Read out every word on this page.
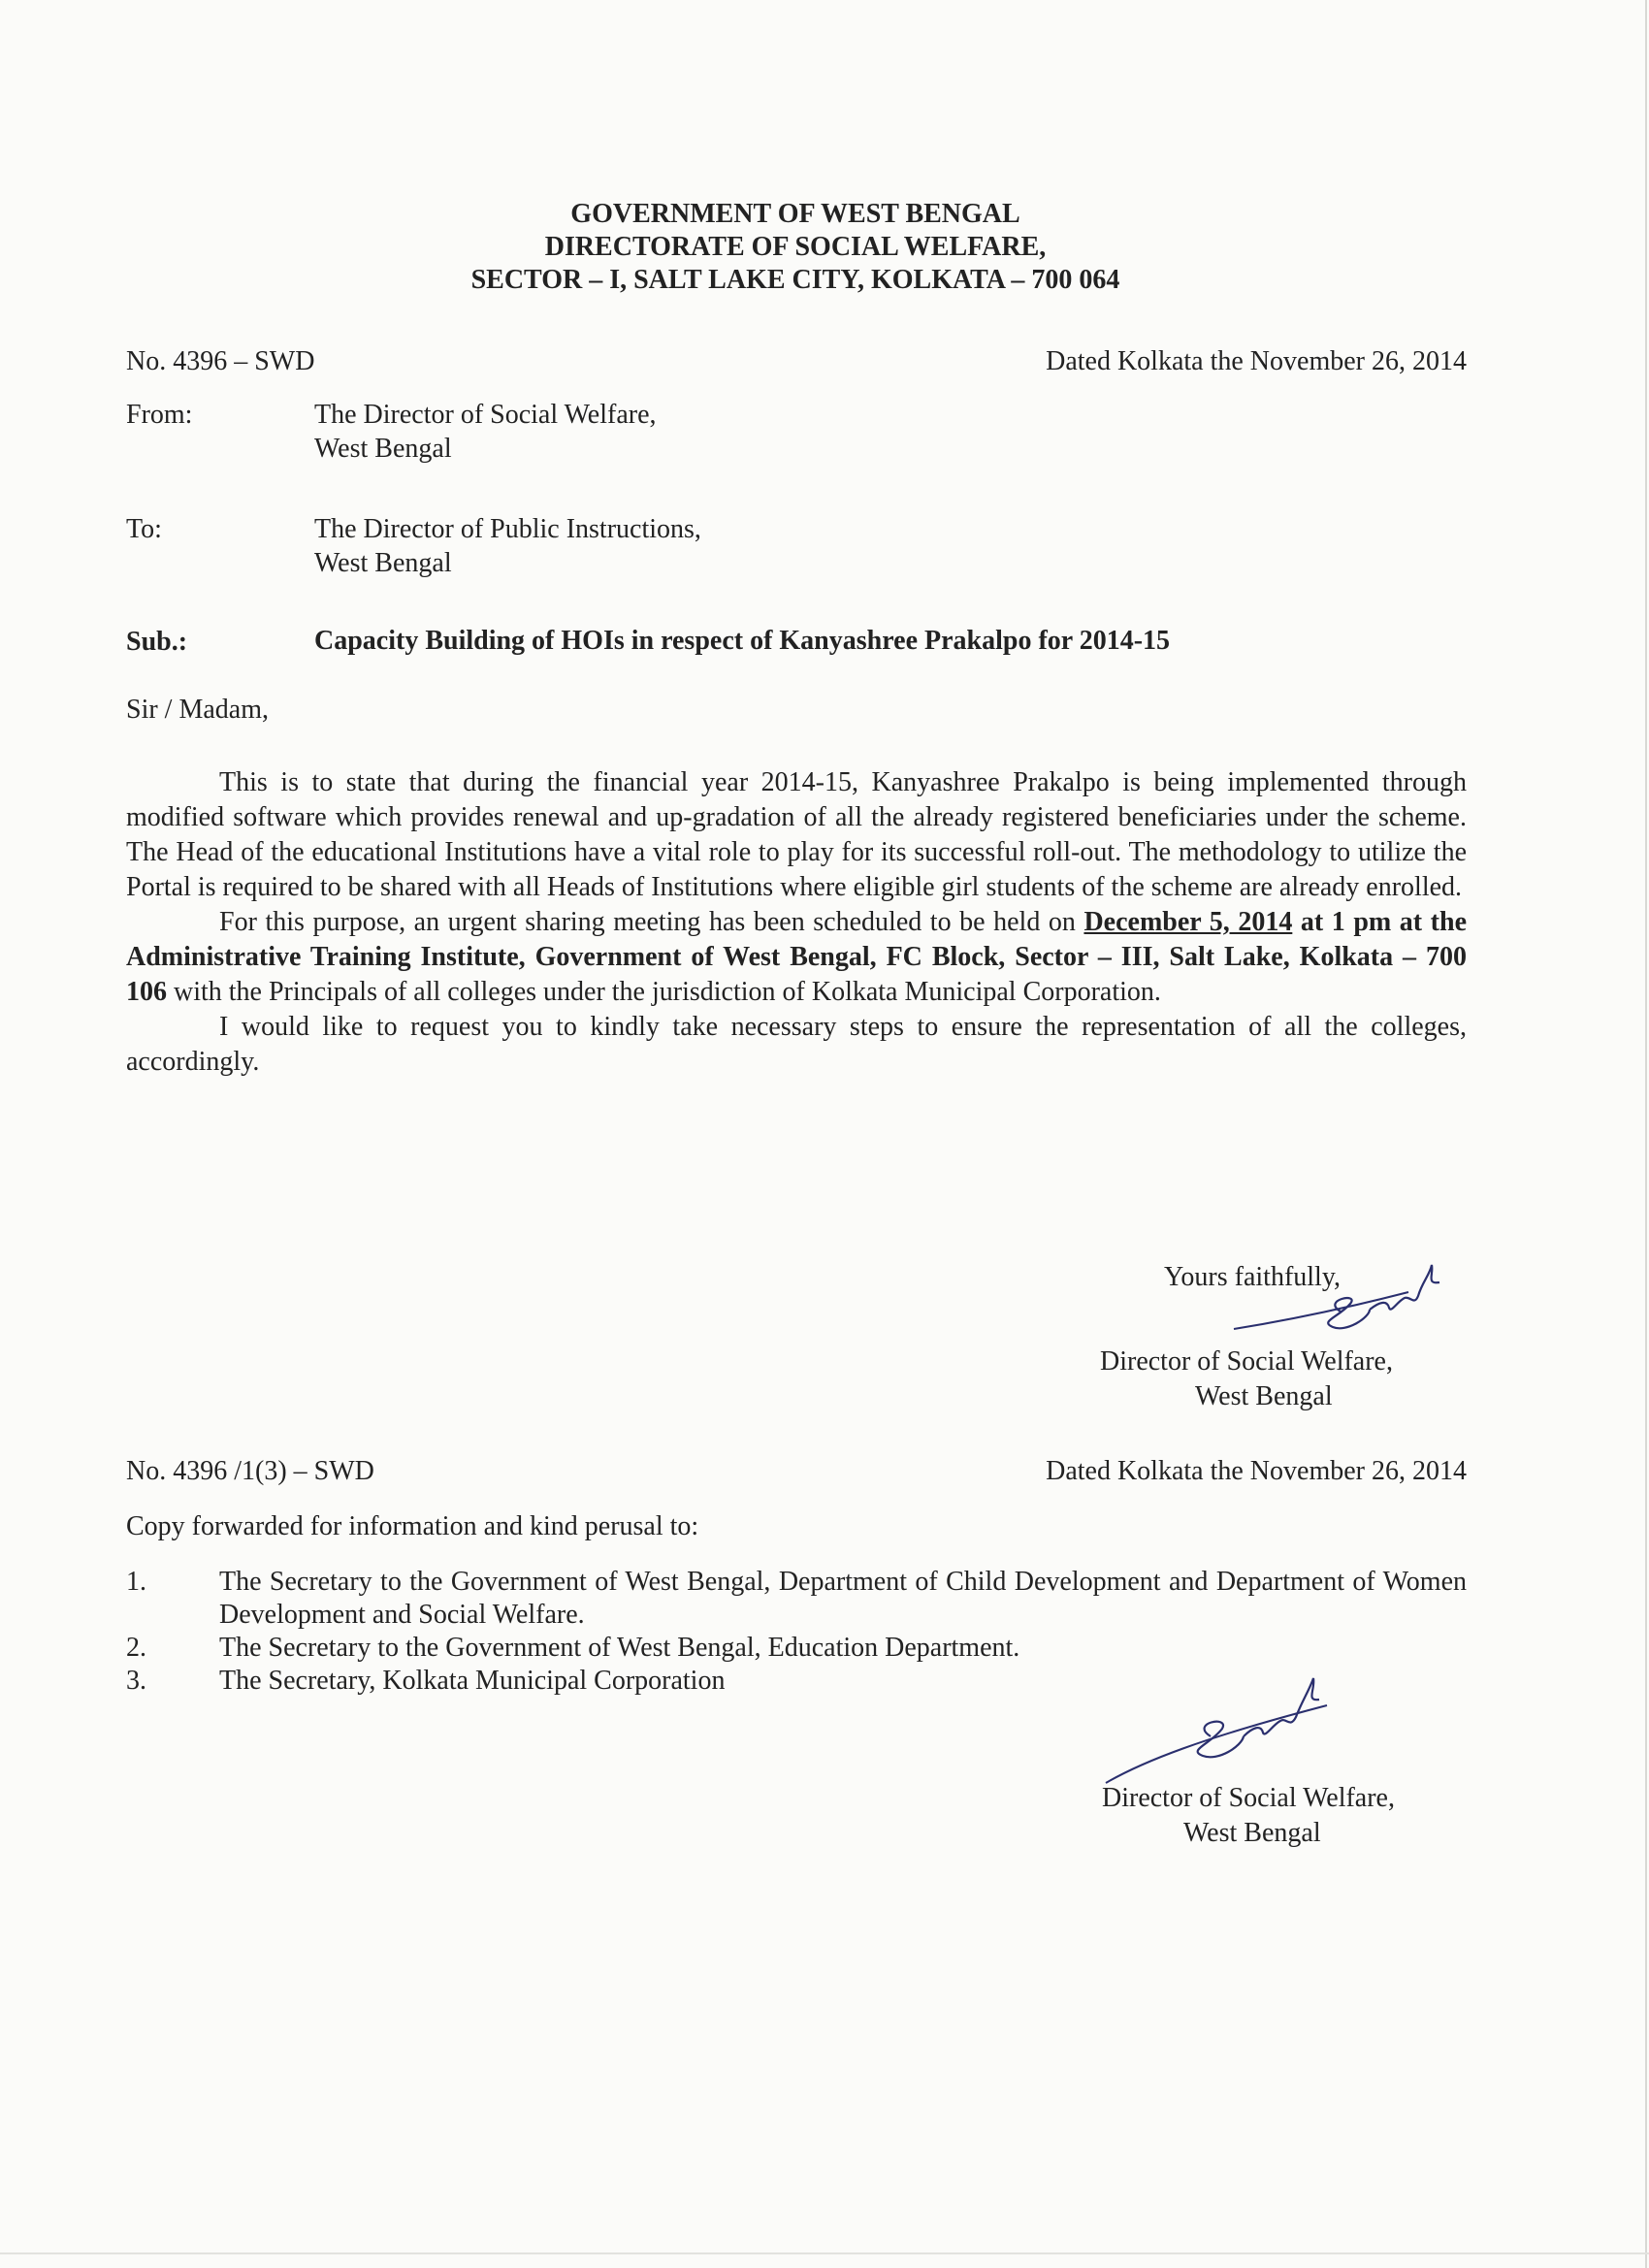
GOVERNMENT OF WEST BENGAL
DIRECTORATE OF SOCIAL WELFARE,
SECTOR – I, SALT LAKE CITY, KOLKATA – 700 064
No. 4396 – SWD	Dated Kolkata the November 26, 2014
From:	The Director of Social Welfare,
West Bengal
To:	The Director of Public Instructions,
West Bengal
Sub.:	Capacity Building of HOIs in respect of Kanyashree Prakalpo for 2014-15
Sir / Madam,

This is to state that during the financial year 2014-15, Kanyashree Prakalpo is being implemented through modified software which provides renewal and up-gradation of all the already registered beneficiaries under the scheme. The Head of the educational Institutions have a vital role to play for its successful roll-out. The methodology to utilize the Portal is required to be shared with all Heads of Institutions where eligible girl students of the scheme are already enrolled.

For this purpose, an urgent sharing meeting has been scheduled to be held on December 5, 2014 at 1 pm at the Administrative Training Institute, Government of West Bengal, FC Block, Sector – III, Salt Lake, Kolkata – 700 106 with the Principals of all colleges under the jurisdiction of Kolkata Municipal Corporation.

I would like to request you to kindly take necessary steps to ensure the representation of all the colleges, accordingly.

Yours faithfully,
Director of Social Welfare,
West Bengal
No. 4396 /1(3) – SWD	Dated Kolkata the November 26, 2014
Copy forwarded for information and kind perusal to:
1.	The Secretary to the Government of West Bengal, Department of Child Development and Department of Women Development and Social Welfare.
2.	The Secretary to the Government of West Bengal, Education Department.
3.	The Secretary, Kolkata Municipal Corporation
Director of Social Welfare,
West Bengal
